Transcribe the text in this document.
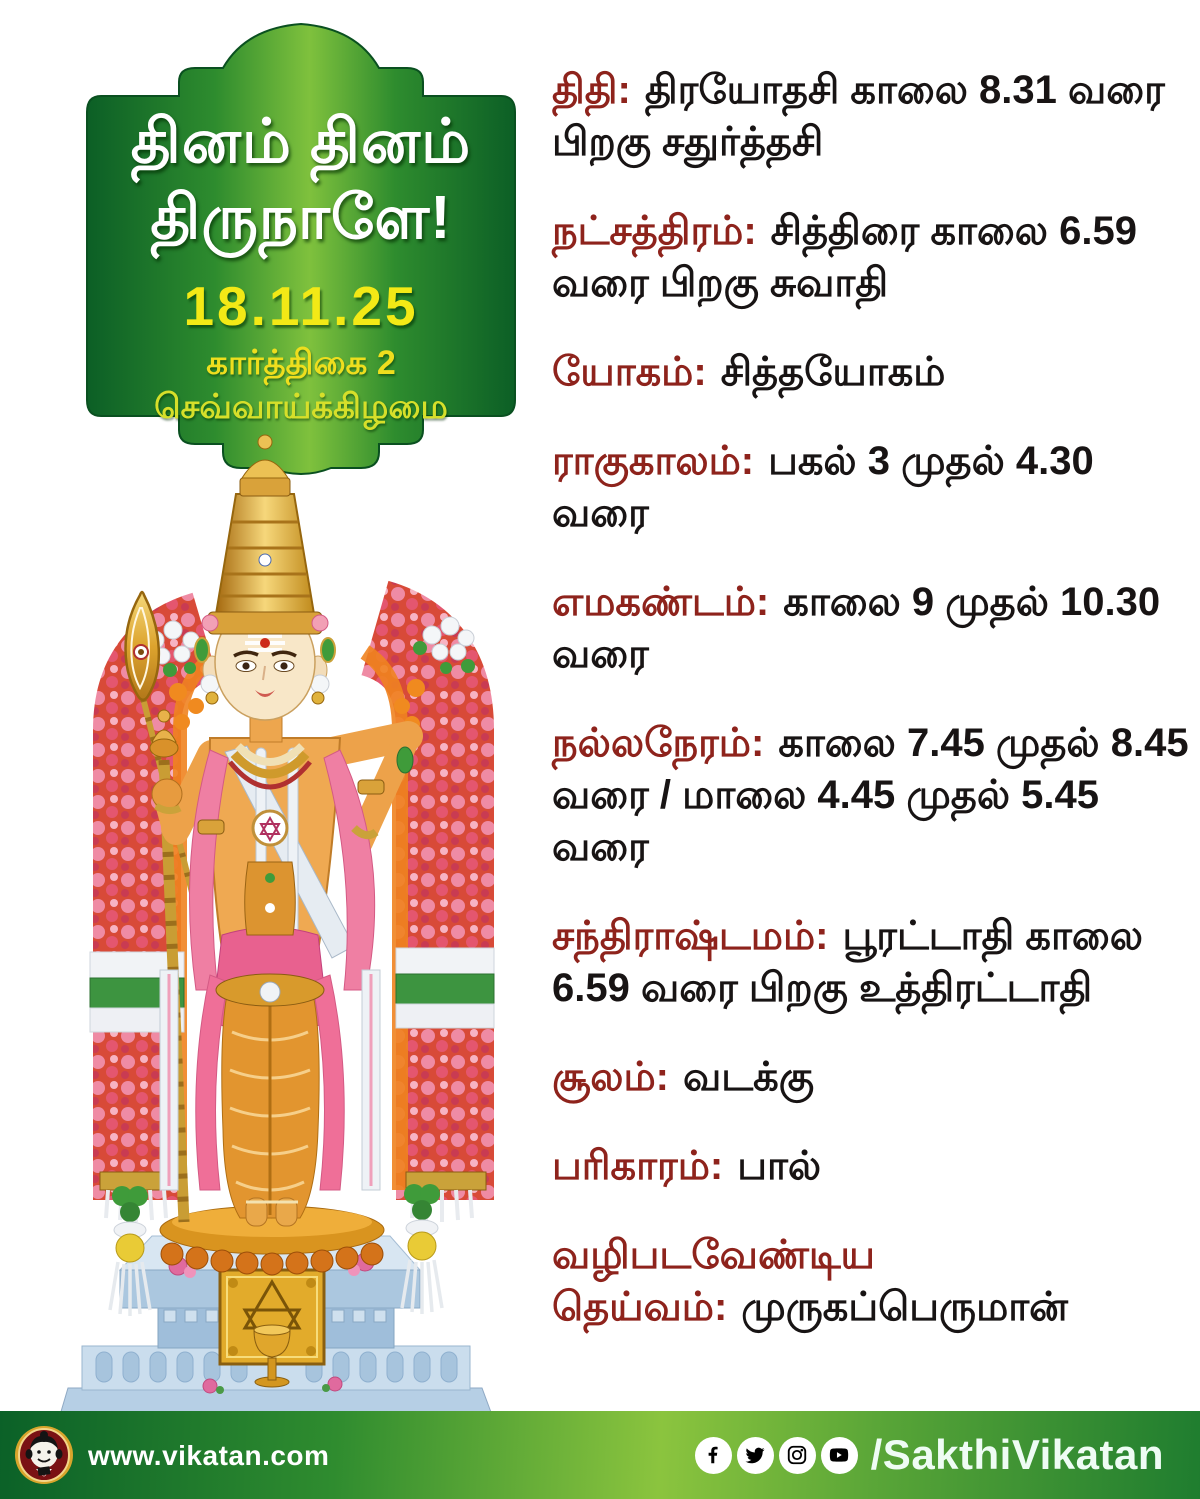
தினம் தினம்
திருநாளே!
18.11.25
கார்த்திகை 2
செவ்வாய்க்கிழமை

திதி: திரயோதசி காலை 8.31 வரை பிறகு சதுர்த்தசி

நட்சத்திரம்: சித்திரை காலை 6.59 வரை பிறகு சுவாதி

யோகம்: சித்தயோகம்

ராகுகாலம்: பகல் 3 முதல் 4.30 வரை

எமகண்டம்: காலை 9 முதல் 10.30 வரை

நல்லநேரம்: காலை 7.45 முதல் 8.45 வரை / மாலை 4.45 முதல் 5.45 வரை

சந்திராஷ்டமம்: பூரட்டாதி காலை 6.59 வரை பிறகு உத்திரட்டாதி

சூலம்: வடக்கு

பரிகாரம்: பால்

வழிபடவேண்டிய தெய்வம்: முருகப்பெருமான்

www.vikatan.com	/SakthiVikatan
